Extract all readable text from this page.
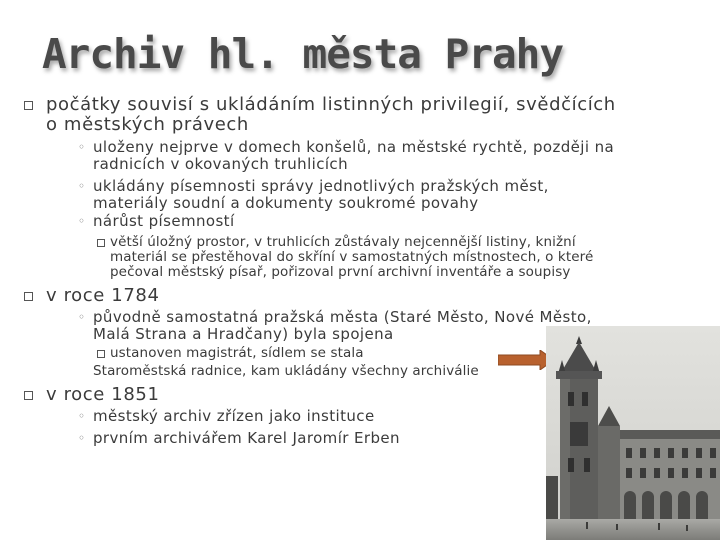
Archiv hl. města Prahy
počátky souvisí s ukládáním listinných privilegií, svědčících
o městských právech
◦ uloženy nejprve v domech konšelů, na městské rychtě, později na
radnicích v okovaných truhlicích
◦ ukládány písemnosti správy jednotlivých pražských měst,
materiály soudní a dokumenty soukromé povahy
◦ nárůst písemností
větší úložný prostor, v truhlicích zůstávaly nejcennější listiny, knižní
materiál se přestěhoval do skříní v samostatných místnostech, o které
pečoval městský písař, pořizoval první archivní inventáře a soupisy
v roce 1784
◦ původně samostatná pražská města (Staré Město, Nové Město,
Malá Strana a Hradčany) byla spojena
ustanoven magistrát, sídlem se stala
Staroměstská radnice, kam ukládány všechny archiválie
v roce 1851
◦ městský archiv zřízen jako instituce
◦ prvním archivářem Karel Jaromír Erben
